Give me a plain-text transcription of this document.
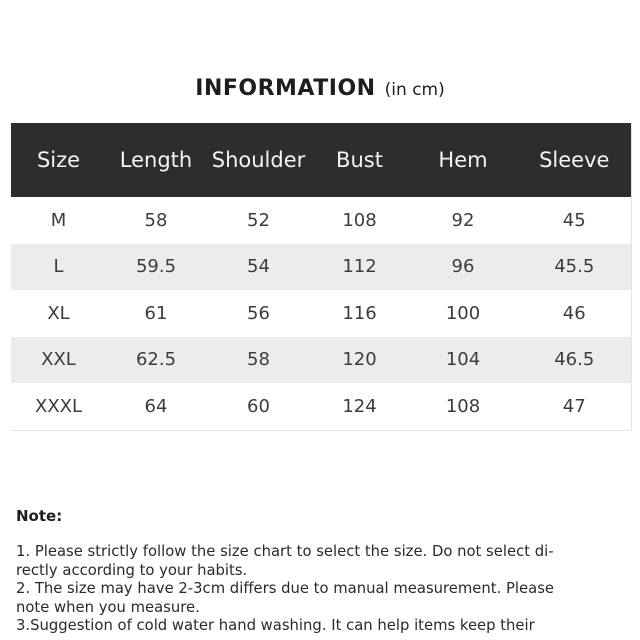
INFORMATION (in cm)
Size	Length	Shoulder	Bust	Hem	Sleeve
M	58	52	108	92	45
L	59.5	54	112	96	45.5
XL	61	56	116	100	46
XXL	62.5	58	120	104	46.5
XXXL	64	60	124	108	47
Note:

1. Please strictly follow the size chart to select the size. Do not select di-

rectly according to your habits.

2. The size may have 2-3cm differs due to manual measurement. Please

note when you measure.

3.Suggestion of cold water hand washing. It can help items keep their
